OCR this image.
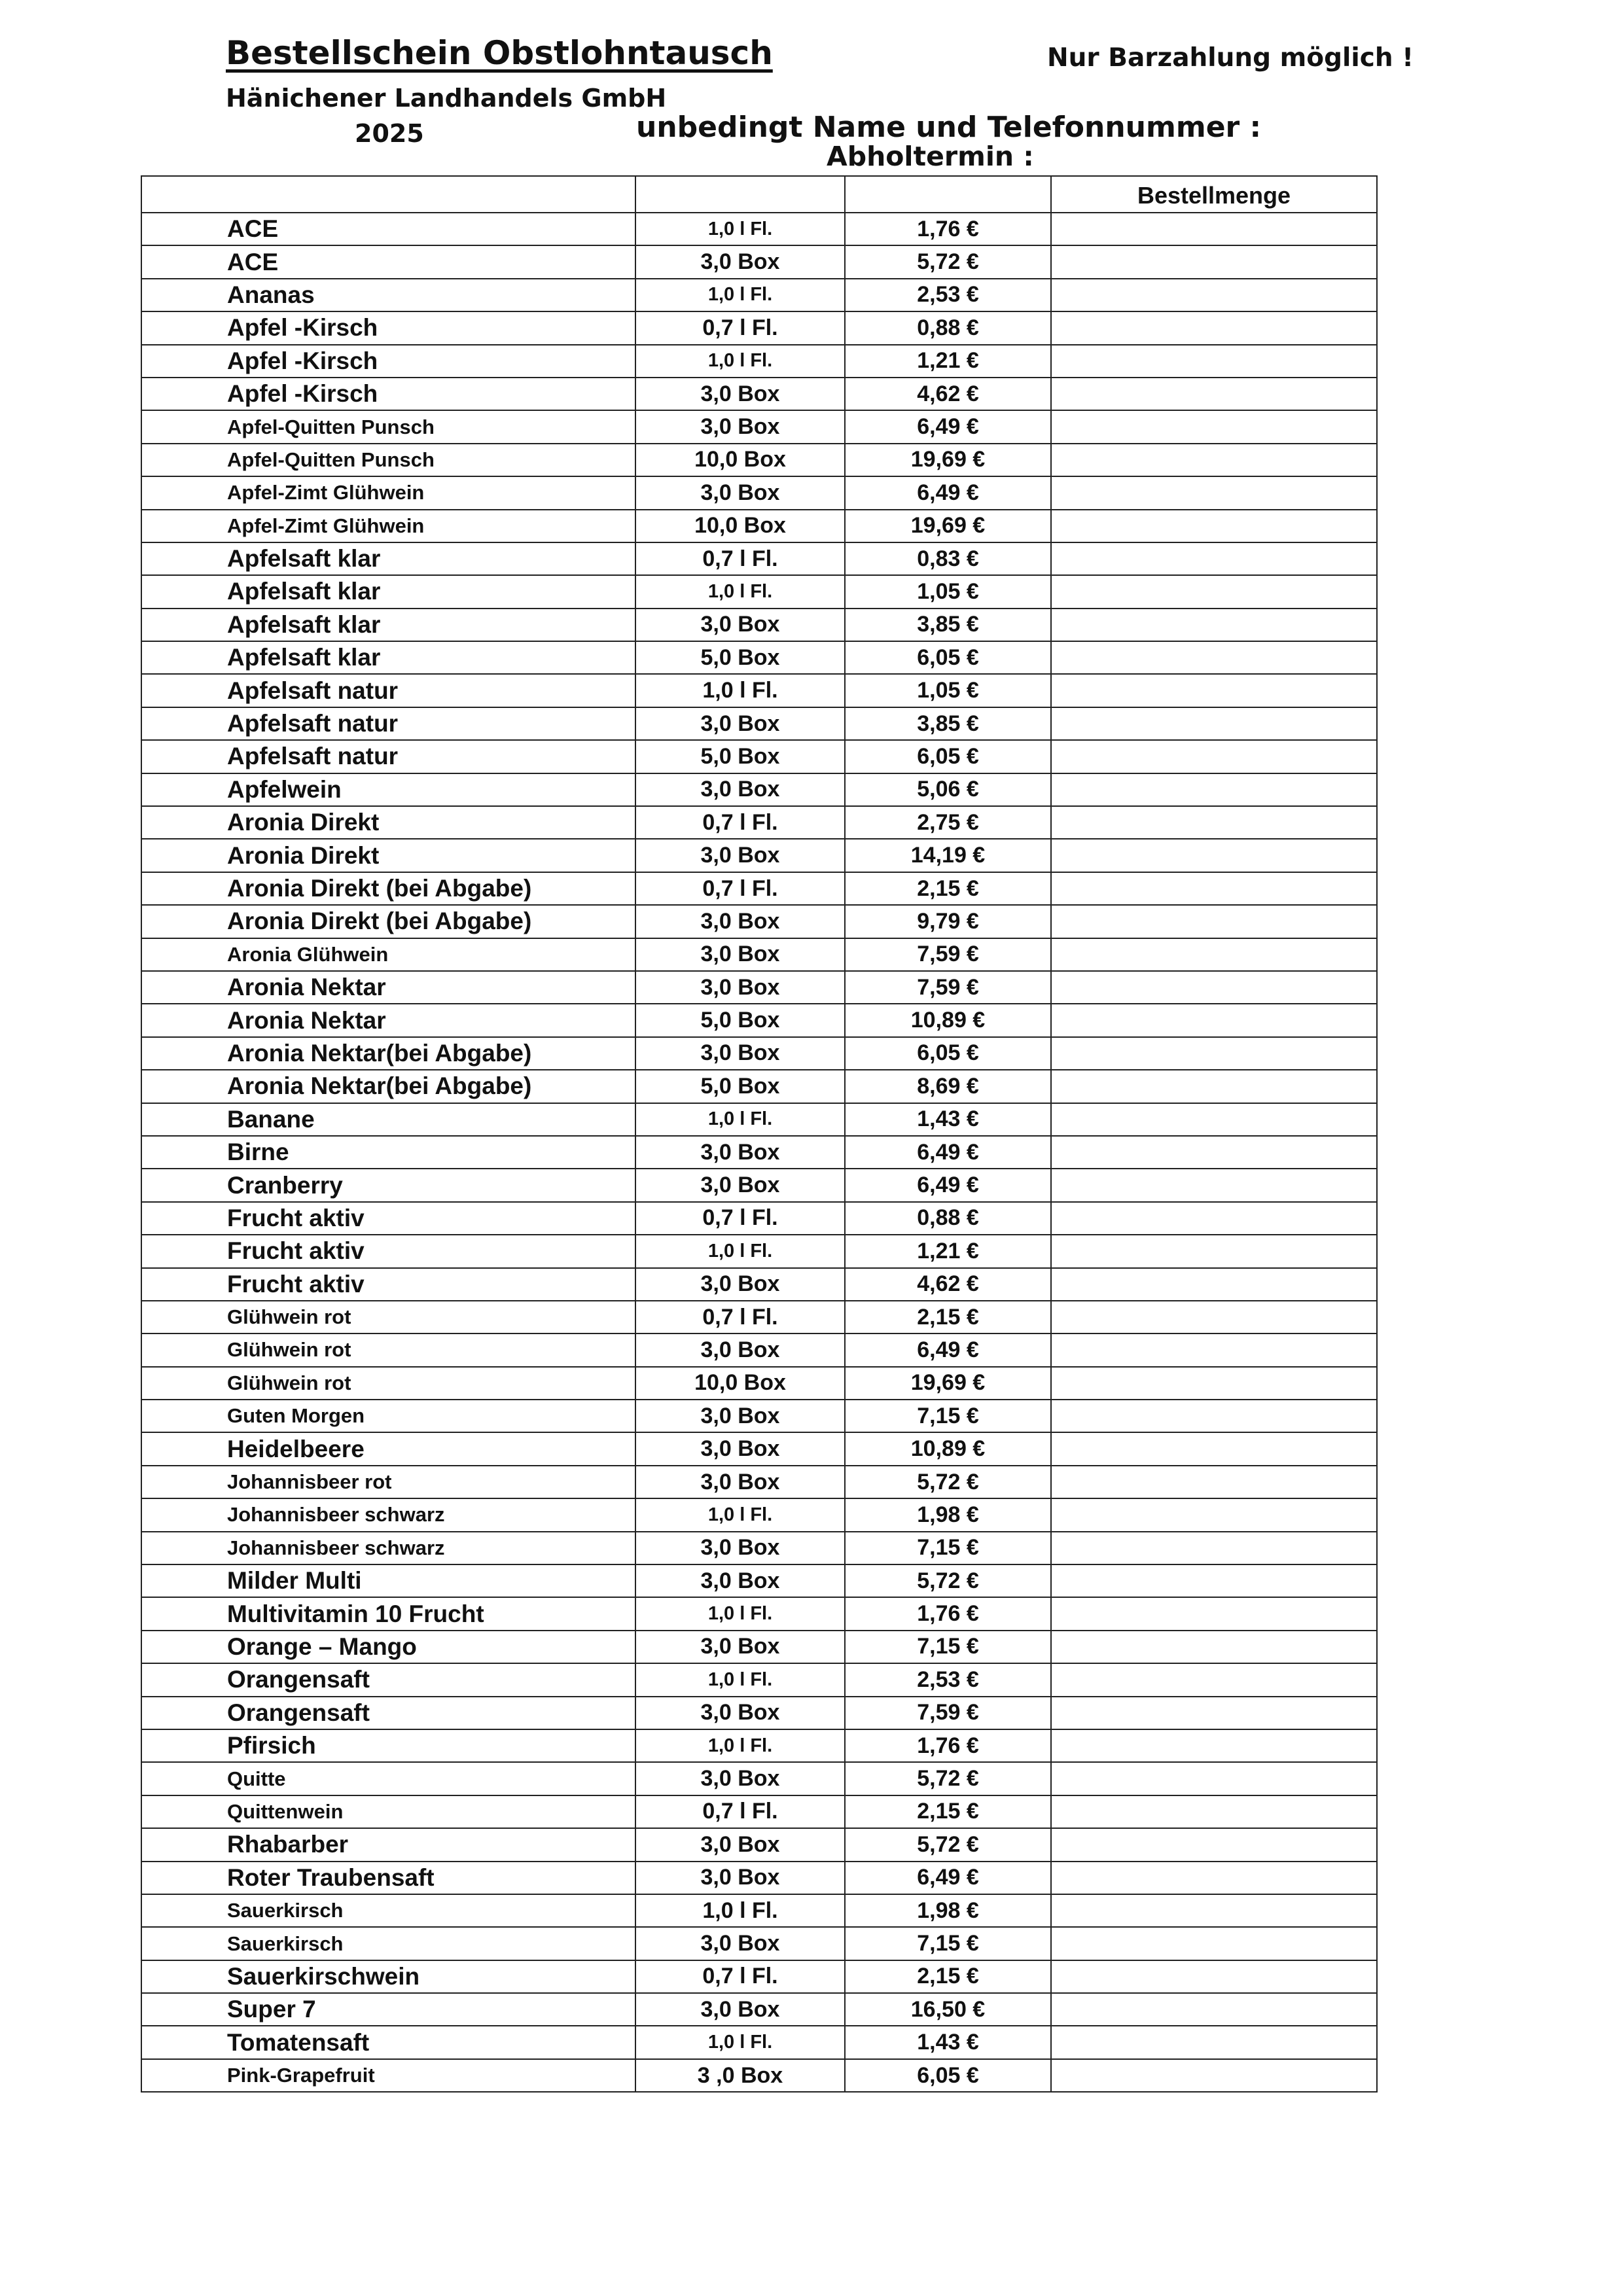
Bestellschein Obstlohntausch	Nur Barzahlung möglich !
Hänichener Landhandels GmbH
2025	unbedingt Name und Telefonnummer :
Abholtermin :
			Bestellmenge
ACE	1,0 l Fl.	1,76 €	
ACE	3,0 Box	5,72 €	
Ananas	1,0 l Fl.	2,53 €	
Apfel -Kirsch	0,7 l Fl.	0,88 €	
Apfel -Kirsch	1,0 l Fl.	1,21 €	
Apfel -Kirsch	3,0 Box	4,62 €	
Apfel-Quitten Punsch	3,0 Box	6,49 €	
Apfel-Quitten Punsch	10,0 Box	19,69 €	
Apfel-Zimt Glühwein	3,0 Box	6,49 €	
Apfel-Zimt Glühwein	10,0 Box	19,69 €	
Apfelsaft klar	0,7 l Fl.	0,83 €	
Apfelsaft klar	1,0 l Fl.	1,05 €	
Apfelsaft klar	3,0 Box	3,85 €	
Apfelsaft klar	5,0 Box	6,05 €	
Apfelsaft natur	1,0 l Fl.	1,05 €	
Apfelsaft natur	3,0 Box	3,85 €	
Apfelsaft natur	5,0 Box	6,05 €	
Apfelwein	3,0 Box	5,06 €	
Aronia Direkt	0,7 l Fl.	2,75 €	
Aronia Direkt	3,0 Box	14,19 €	
Aronia Direkt (bei Abgabe)	0,7 l Fl.	2,15 €	
Aronia Direkt (bei Abgabe)	3,0 Box	9,79 €	
Aronia Glühwein	3,0 Box	7,59 €	
Aronia Nektar	3,0 Box	7,59 €	
Aronia Nektar	5,0 Box	10,89 €	
Aronia Nektar(bei Abgabe)	3,0 Box	6,05 €	
Aronia Nektar(bei Abgabe)	5,0 Box	8,69 €	
Banane	1,0 l Fl.	1,43 €	
Birne	3,0 Box	6,49 €	
Cranberry	3,0 Box	6,49 €	
Frucht aktiv	0,7 l Fl.	0,88 €	
Frucht aktiv	1,0 l Fl.	1,21 €	
Frucht aktiv	3,0 Box	4,62 €	
Glühwein rot	0,7 l Fl.	2,15 €	
Glühwein rot	3,0 Box	6,49 €	
Glühwein rot	10,0 Box	19,69 €	
Guten Morgen	3,0 Box	7,15 €	
Heidelbeere	3,0 Box	10,89 €	
Johannisbeer rot	3,0 Box	5,72 €	
Johannisbeer schwarz	1,0 l Fl.	1,98 €	
Johannisbeer schwarz	3,0 Box	7,15 €	
Milder Multi	3,0 Box	5,72 €	
Multivitamin 10 Frucht	1,0 l Fl.	1,76 €	
Orange – Mango	3,0 Box	7,15 €	
Orangensaft	1,0 l Fl.	2,53 €	
Orangensaft	3,0 Box	7,59 €	
Pfirsich	1,0 l Fl.	1,76 €	
Quitte	3,0 Box	5,72 €	
Quittenwein	0,7 l Fl.	2,15 €	
Rhabarber	3,0 Box	5,72 €	
Roter Traubensaft	3,0 Box	6,49 €	
Sauerkirsch	1,0 l Fl.	1,98 €	
Sauerkirsch	3,0 Box	7,15 €	
Sauerkirschwein	0,7 l Fl.	2,15 €	
Super 7	3,0 Box	16,50 €	
Tomatensaft	1,0 l Fl.	1,43 €	
Pink-Grapefruit	3 ,0 Box	6,05 €	
